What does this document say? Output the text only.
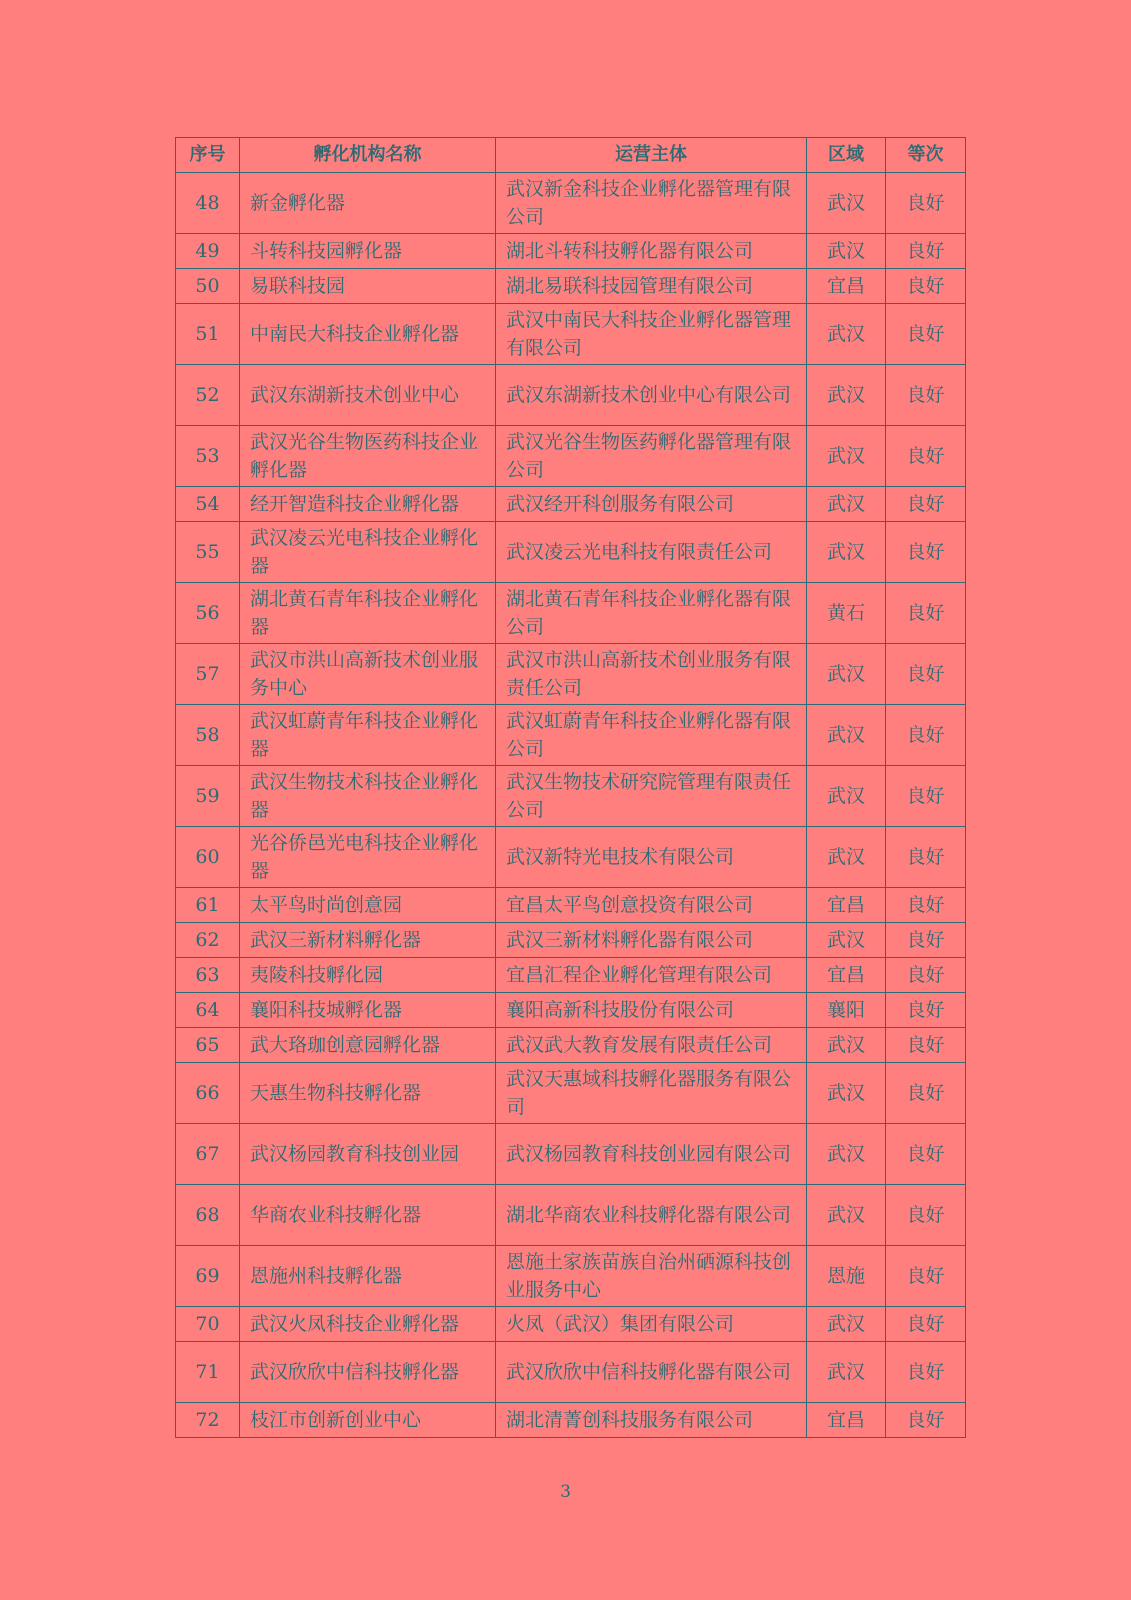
序号	孵化机构名称	运营主体	区域	等次
48	新金孵化器	武汉新金科技企业孵化器管理有限公司	武汉	良好
49	斗转科技园孵化器	湖北斗转科技孵化器有限公司	武汉	良好
50	易联科技园	湖北易联科技园管理有限公司	宜昌	良好
51	中南民大科技企业孵化器	武汉中南民大科技企业孵化器管理有限公司	武汉	良好
52	武汉东湖新技术创业中心	武汉东湖新技术创业中心有限公司	武汉	良好
53	武汉光谷生物医药科技企业孵化器	武汉光谷生物医药孵化器管理有限公司	武汉	良好
54	经开智造科技企业孵化器	武汉经开科创服务有限公司	武汉	良好
55	武汉凌云光电科技企业孵化器	武汉凌云光电科技有限责任公司	武汉	良好
56	湖北黄石青年科技企业孵化器	湖北黄石青年科技企业孵化器有限公司	黄石	良好
57	武汉市洪山高新技术创业服务中心	武汉市洪山高新技术创业服务有限责任公司	武汉	良好
58	武汉虹蔚青年科技企业孵化器	武汉虹蔚青年科技企业孵化器有限公司	武汉	良好
59	武汉生物技术科技企业孵化器	武汉生物技术研究院管理有限责任公司	武汉	良好
60	光谷侨邑光电科技企业孵化器	武汉新特光电技术有限公司	武汉	良好
61	太平鸟时尚创意园	宜昌太平鸟创意投资有限公司	宜昌	良好
62	武汉三新材料孵化器	武汉三新材料孵化器有限公司	武汉	良好
63	夷陵科技孵化园	宜昌汇程企业孵化管理有限公司	宜昌	良好
64	襄阳科技城孵化器	襄阳高新科技股份有限公司	襄阳	良好
65	武大珞珈创意园孵化器	武汉武大教育发展有限责任公司	武汉	良好
66	天惠生物科技孵化器	武汉天惠域科技孵化器服务有限公司	武汉	良好
67	武汉杨园教育科技创业园	武汉杨园教育科技创业园有限公司	武汉	良好
68	华商农业科技孵化器	湖北华商农业科技孵化器有限公司	武汉	良好
69	恩施州科技孵化器	恩施土家族苗族自治州硒源科技创业服务中心	恩施	良好
70	武汉火凤科技企业孵化器	火凤（武汉）集团有限公司	武汉	良好
71	武汉欣欣中信科技孵化器	武汉欣欣中信科技孵化器有限公司	武汉	良好
72	枝江市创新创业中心	湖北清菁创科技服务有限公司	宜昌	良好
3
